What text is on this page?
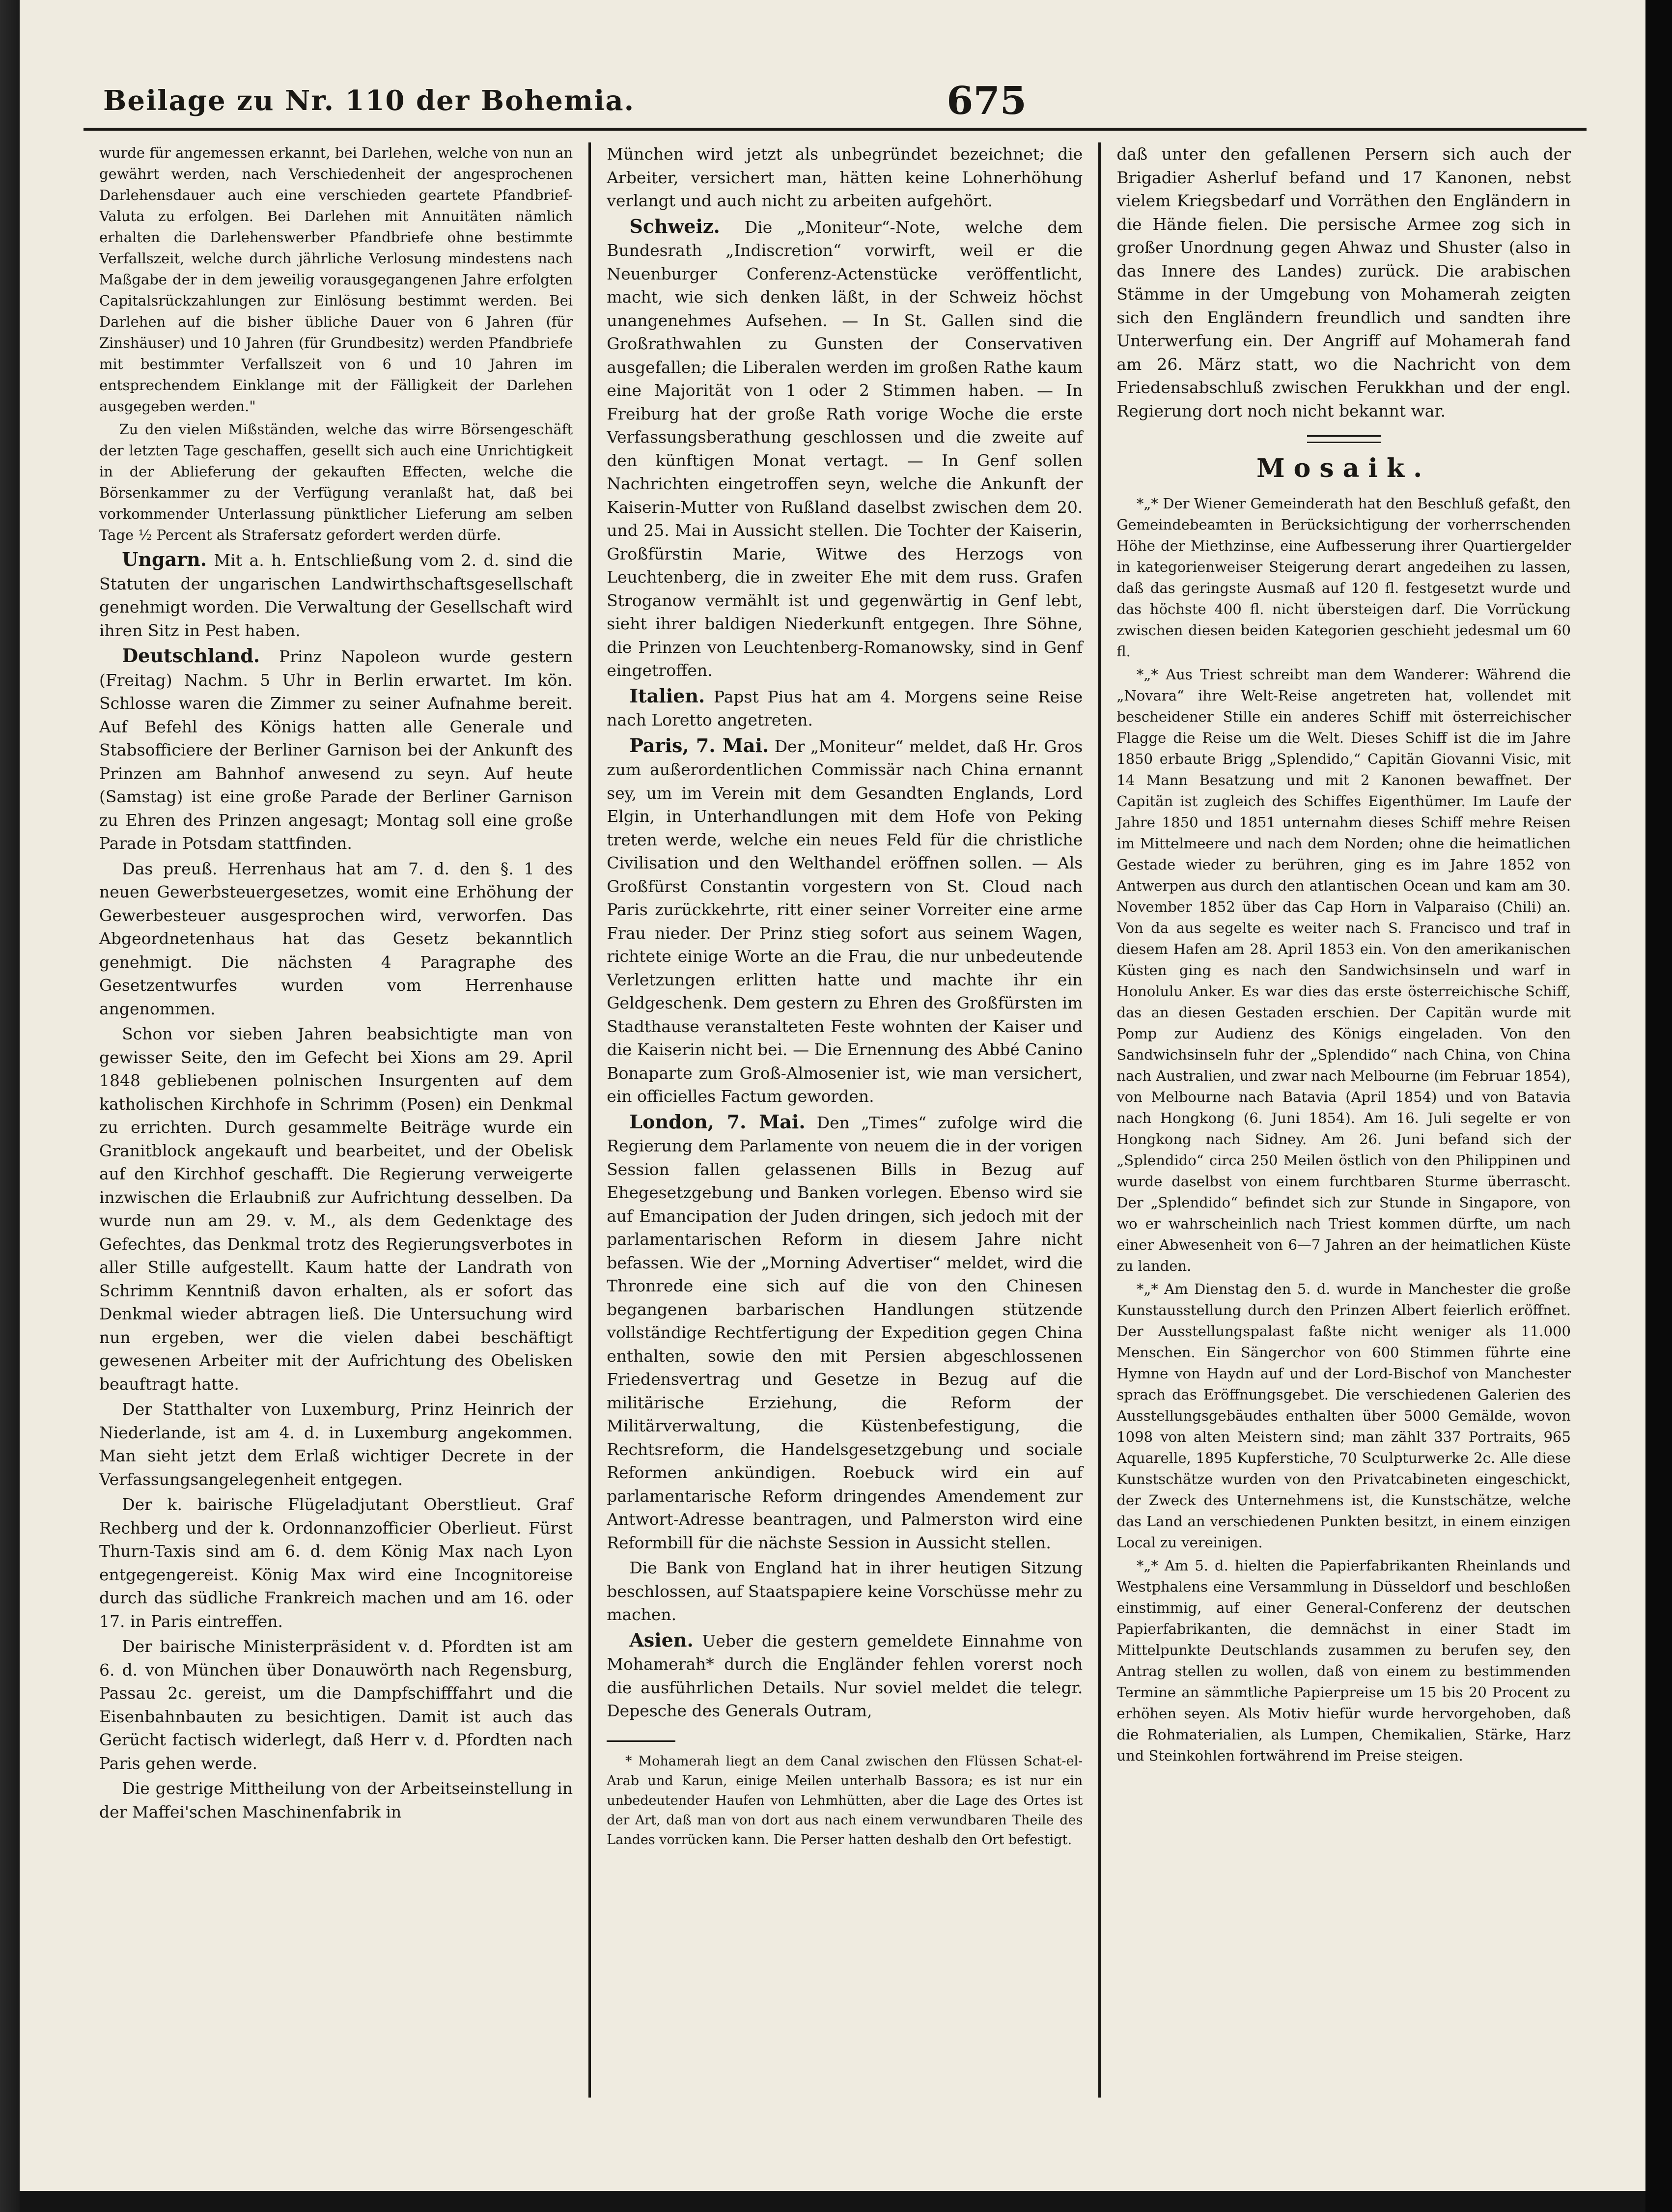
Beilage zu Nr. 110 der Bohemia.	675

wurde für angemessen erkannt, bei Darlehen, welche von nun an gewährt werden, nach Verschiedenheit der angesprochenen Darlehensdauer auch eine verschieden geartete Pfandbrief-Valuta zu erfolgen. Bei Darlehen mit Annuitäten nämlich erhalten die Darlehenswerber Pfandbriefe ohne bestimmte Verfallszeit, welche durch jährliche Verlosung mindestens nach Maßgabe der in dem jeweilig vorausgegangenen Jahre erfolgten Capitalsrückzahlungen zur Einlösung bestimmt werden. Bei Darlehen auf die bisher übliche Dauer von 6 Jahren (für Zinshäuser) und 10 Jahren (für Grundbesitz) werden Pfandbriefe mit bestimmter Verfallszeit von 6 und 10 Jahren im entsprechendem Einklange mit der Fälligkeit der Darlehen ausgegeben werden."

Zu den vielen Mißständen, welche das wirre Börsengeschäft der letzten Tage geschaffen, gesellt sich auch eine Unrichtigkeit in der Ablieferung der gekauften Effecten, welche die Börsenkammer zu der Verfügung veranlaßt hat, daß bei vorkommender Unterlassung pünktlicher Lieferung am selben Tage ½ Percent als Strafersatz gefordert werden dürfe.

Ungarn. Mit a. h. Entschließung vom 2. d. sind die Statuten der ungarischen Landwirthschaftsgesellschaft genehmigt worden. Die Verwaltung der Gesellschaft wird ihren Sitz in Pest haben.

Deutschland. Prinz Napoleon wurde gestern (Freitag) Nachm. 5 Uhr in Berlin erwartet. Im kön. Schlosse waren die Zimmer zu seiner Aufnahme bereit. Auf Befehl des Königs hatten alle Generale und Stabsofficiere der Berliner Garnison bei der Ankunft des Prinzen am Bahnhof anwesend zu seyn. Auf heute (Samstag) ist eine große Parade der Berliner Garnison zu Ehren des Prinzen angesagt; Montag soll eine große Parade in Potsdam stattfinden.

Das preuß. Herrenhaus hat am 7. d. den §. 1 des neuen Gewerbsteuergesetzes, womit eine Erhöhung der Gewerbesteuer ausgesprochen wird, verworfen. Das Abgeordnetenhaus hat das Gesetz bekanntlich genehmigt. Die nächsten 4 Paragraphe des Gesetzentwurfes wurden vom Herrenhause angenommen.

Schon vor sieben Jahren beabsichtigte man von gewisser Seite, den im Gefecht bei Xions am 29. April 1848 gebliebenen polnischen Insurgenten auf dem katholischen Kirchhofe in Schrimm (Posen) ein Denkmal zu errichten. Durch gesammelte Beiträge wurde ein Granitblock angekauft und bearbeitet, und der Obelisk auf den Kirchhof geschafft. Die Regierung verweigerte inzwischen die Erlaubniß zur Aufrichtung desselben. Da wurde nun am 29. v. M., als dem Gedenktage des Gefechtes, das Denkmal trotz des Regierungsverbotes in aller Stille aufgestellt. Kaum hatte der Landrath von Schrimm Kenntniß davon erhalten, als er sofort das Denkmal wieder abtragen ließ. Die Untersuchung wird nun ergeben, wer die vielen dabei beschäftigt gewesenen Arbeiter mit der Aufrichtung des Obelisken beauftragt hatte.

Der Statthalter von Luxemburg, Prinz Heinrich der Niederlande, ist am 4. d. in Luxemburg angekommen. Man sieht jetzt dem Erlaß wichtiger Decrete in der Verfassungsangelegenheit entgegen.

Der k. bairische Flügeladjutant Oberstlieut. Graf Rechberg und der k. Ordonnanzofficier Oberlieut. Fürst Thurn-Taxis sind am 6. d. dem König Max nach Lyon entgegengereist. König Max wird eine Incognitoreise durch das südliche Frankreich machen und am 16. oder 17. in Paris eintreffen.

Der bairische Ministerpräsident v. d. Pfordten ist am 6. d. von München über Donauwörth nach Regensburg, Passau 2c. gereist, um die Dampfschifffahrt und die Eisenbahnbauten zu besichtigen. Damit ist auch das Gerücht factisch widerlegt, daß Herr v. d. Pfordten nach Paris gehen werde.

Die gestrige Mittheilung von der Arbeitseinstellung in der Maffei'schen Maschinenfabrik in

München wird jetzt als unbegründet bezeichnet; die Arbeiter, versichert man, hätten keine Lohnerhöhung verlangt und auch nicht zu arbeiten aufgehört.

Schweiz. Die „Moniteur“-Note, welche dem Bundesrath „Indiscretion“ vorwirft, weil er die Neuenburger Conferenz-Actenstücke veröffentlicht, macht, wie sich denken läßt, in der Schweiz höchst unangenehmes Aufsehen. — In St. Gallen sind die Großrathwahlen zu Gunsten der Conservativen ausgefallen; die Liberalen werden im großen Rathe kaum eine Majorität von 1 oder 2 Stimmen haben. — In Freiburg hat der große Rath vorige Woche die erste Verfassungsberathung geschlossen und die zweite auf den künftigen Monat vertagt. — In Genf sollen Nachrichten eingetroffen seyn, welche die Ankunft der Kaiserin-Mutter von Rußland daselbst zwischen dem 20. und 25. Mai in Aussicht stellen. Die Tochter der Kaiserin, Großfürstin Marie, Witwe des Herzogs von Leuchtenberg, die in zweiter Ehe mit dem russ. Grafen Stroganow vermählt ist und gegenwärtig in Genf lebt, sieht ihrer baldigen Niederkunft entgegen. Ihre Söhne, die Prinzen von Leuchtenberg-Romanowsky, sind in Genf eingetroffen.

Italien. Papst Pius hat am 4. Morgens seine Reise nach Loretto angetreten.

Paris, 7. Mai. Der „Moniteur“ meldet, daß Hr. Gros zum außerordentlichen Commissär nach China ernannt sey, um im Verein mit dem Gesandten Englands, Lord Elgin, in Unterhandlungen mit dem Hofe von Peking treten werde, welche ein neues Feld für die christliche Civilisation und den Welthandel eröffnen sollen. — Als Großfürst Constantin vorgestern von St. Cloud nach Paris zurückkehrte, ritt einer seiner Vorreiter eine arme Frau nieder. Der Prinz stieg sofort aus seinem Wagen, richtete einige Worte an die Frau, die nur unbedeutende Verletzungen erlitten hatte und machte ihr ein Geldgeschenk. Dem gestern zu Ehren des Großfürsten im Stadthause veranstalteten Feste wohnten der Kaiser und die Kaiserin nicht bei. — Die Ernennung des Abbé Canino Bonaparte zum Groß-Almosenier ist, wie man versichert, ein officielles Factum geworden.

London, 7. Mai. Den „Times“ zufolge wird die Regierung dem Parlamente von neuem die in der vorigen Session fallen gelassenen Bills in Bezug auf Ehegesetzgebung und Banken vorlegen. Ebenso wird sie auf Emancipation der Juden dringen, sich jedoch mit der parlamentarischen Reform in diesem Jahre nicht befassen. Wie der „Morning Advertiser“ meldet, wird die Thronrede eine sich auf die von den Chinesen begangenen barbarischen Handlungen stützende vollständige Rechtfertigung der Expedition gegen China enthalten, sowie den mit Persien abgeschlossenen Friedensvertrag und Gesetze in Bezug auf die militärische Erziehung, die Reform der Militärverwaltung, die Küstenbefestigung, die Rechtsreform, die Handelsgesetzgebung und sociale Reformen ankündigen. Roebuck wird ein auf parlamentarische Reform dringendes Amendement zur Antwort-Adresse beantragen, und Palmerston wird eine Reformbill für die nächste Session in Aussicht stellen.

Die Bank von England hat in ihrer heutigen Sitzung beschlossen, auf Staatspapiere keine Vorschüsse mehr zu machen.

Asien. Ueber die gestern gemeldete Einnahme von Mohamerah* durch die Engländer fehlen vorerst noch die ausführlichen Details. Nur soviel meldet die telegr. Depesche des Generals Outram,

* Mohamerah liegt an dem Canal zwischen den Flüssen Schat-el-Arab und Karun, einige Meilen unterhalb Bassora; es ist nur ein unbedeutender Haufen von Lehmhütten, aber die Lage des Ortes ist der Art, daß man von dort aus nach einem verwundbaren Theile des Landes vorrücken kann. Die Perser hatten deshalb den Ort befestigt.

daß unter den gefallenen Persern sich auch der Brigadier Asherluf befand und 17 Kanonen, nebst vielem Kriegsbedarf und Vorräthen den Engländern in die Hände fielen. Die persische Armee zog sich in großer Unordnung gegen Ahwaz und Shuster (also in das Innere des Landes) zurück. Die arabischen Stämme in der Umgebung von Mohamerah zeigten sich den Engländern freundlich und sandten ihre Unterwerfung ein. Der Angriff auf Mohamerah fand am 26. März statt, wo die Nachricht von dem Friedensabschluß zwischen Ferukkhan und der engl. Regierung dort noch nicht bekannt war.

Mosaik.

*„* Der Wiener Gemeinderath hat den Beschluß gefaßt, den Gemeindebeamten in Berücksichtigung der vorherrschenden Höhe der Miethzinse, eine Aufbesserung ihrer Quartiergelder in kategorienweiser Steigerung derart angedeihen zu lassen, daß das geringste Ausmaß auf 120 fl. festgesetzt wurde und das höchste 400 fl. nicht übersteigen darf. Die Vorrückung zwischen diesen beiden Kategorien geschieht jedesmal um 60 fl.

*„* Aus Triest schreibt man dem Wanderer: Während die „Novara“ ihre Welt-Reise angetreten hat, vollendet mit bescheidener Stille ein anderes Schiff mit österreichischer Flagge die Reise um die Welt. Dieses Schiff ist die im Jahre 1850 erbaute Brigg „Splendido,“ Capitän Giovanni Visic, mit 14 Mann Besatzung und mit 2 Kanonen bewaffnet. Der Capitän ist zugleich des Schiffes Eigenthümer. Im Laufe der Jahre 1850 und 1851 unternahm dieses Schiff mehre Reisen im Mittelmeere und nach dem Norden; ohne die heimatlichen Gestade wieder zu berühren, ging es im Jahre 1852 von Antwerpen aus durch den atlantischen Ocean und kam am 30. November 1852 über das Cap Horn in Valparaiso (Chili) an. Von da aus segelte es weiter nach S. Francisco und traf in diesem Hafen am 28. April 1853 ein. Von den amerikanischen Küsten ging es nach den Sandwichsinseln und warf in Honolulu Anker. Es war dies das erste österreichische Schiff, das an diesen Gestaden erschien. Der Capitän wurde mit Pomp zur Audienz des Königs eingeladen. Von den Sandwichsinseln fuhr der „Splendido“ nach China, von China nach Australien, und zwar nach Melbourne (im Februar 1854), von Melbourne nach Batavia (April 1854) und von Batavia nach Hongkong (6. Juni 1854). Am 16. Juli segelte er von Hongkong nach Sidney. Am 26. Juni befand sich der „Splendido“ circa 250 Meilen östlich von den Philippinen und wurde daselbst von einem furchtbaren Sturme überrascht. Der „Splendido“ befindet sich zur Stunde in Singapore, von wo er wahrscheinlich nach Triest kommen dürfte, um nach einer Abwesenheit von 6—7 Jahren an der heimatlichen Küste zu landen.

*„* Am Dienstag den 5. d. wurde in Manchester die große Kunstausstellung durch den Prinzen Albert feierlich eröffnet. Der Ausstellungspalast faßte nicht weniger als 11.000 Menschen. Ein Sängerchor von 600 Stimmen führte eine Hymne von Haydn auf und der Lord-Bischof von Manchester sprach das Eröffnungsgebet. Die verschiedenen Galerien des Ausstellungsgebäudes enthalten über 5000 Gemälde, wovon 1098 von alten Meistern sind; man zählt 337 Portraits, 965 Aquarelle, 1895 Kupferstiche, 70 Sculpturwerke 2c. Alle diese Kunstschätze wurden von den Privatcabineten eingeschickt, der Zweck des Unternehmens ist, die Kunstschätze, welche das Land an verschiedenen Punkten besitzt, in einem einzigen Local zu vereinigen.

*„* Am 5. d. hielten die Papierfabrikanten Rheinlands und Westphalens eine Versammlung in Düsseldorf und beschloßen einstimmig, auf einer General-Conferenz der deutschen Papierfabrikanten, die demnächst in einer Stadt im Mittelpunkte Deutschlands zusammen zu berufen sey, den Antrag stellen zu wollen, daß von einem zu bestimmenden Termine an sämmtliche Papierpreise um 15 bis 20 Procent zu erhöhen seyen. Als Motiv hiefür wurde hervorgehoben, daß die Rohmaterialien, als Lumpen, Chemikalien, Stärke, Harz und Steinkohlen fortwährend im Preise steigen.
